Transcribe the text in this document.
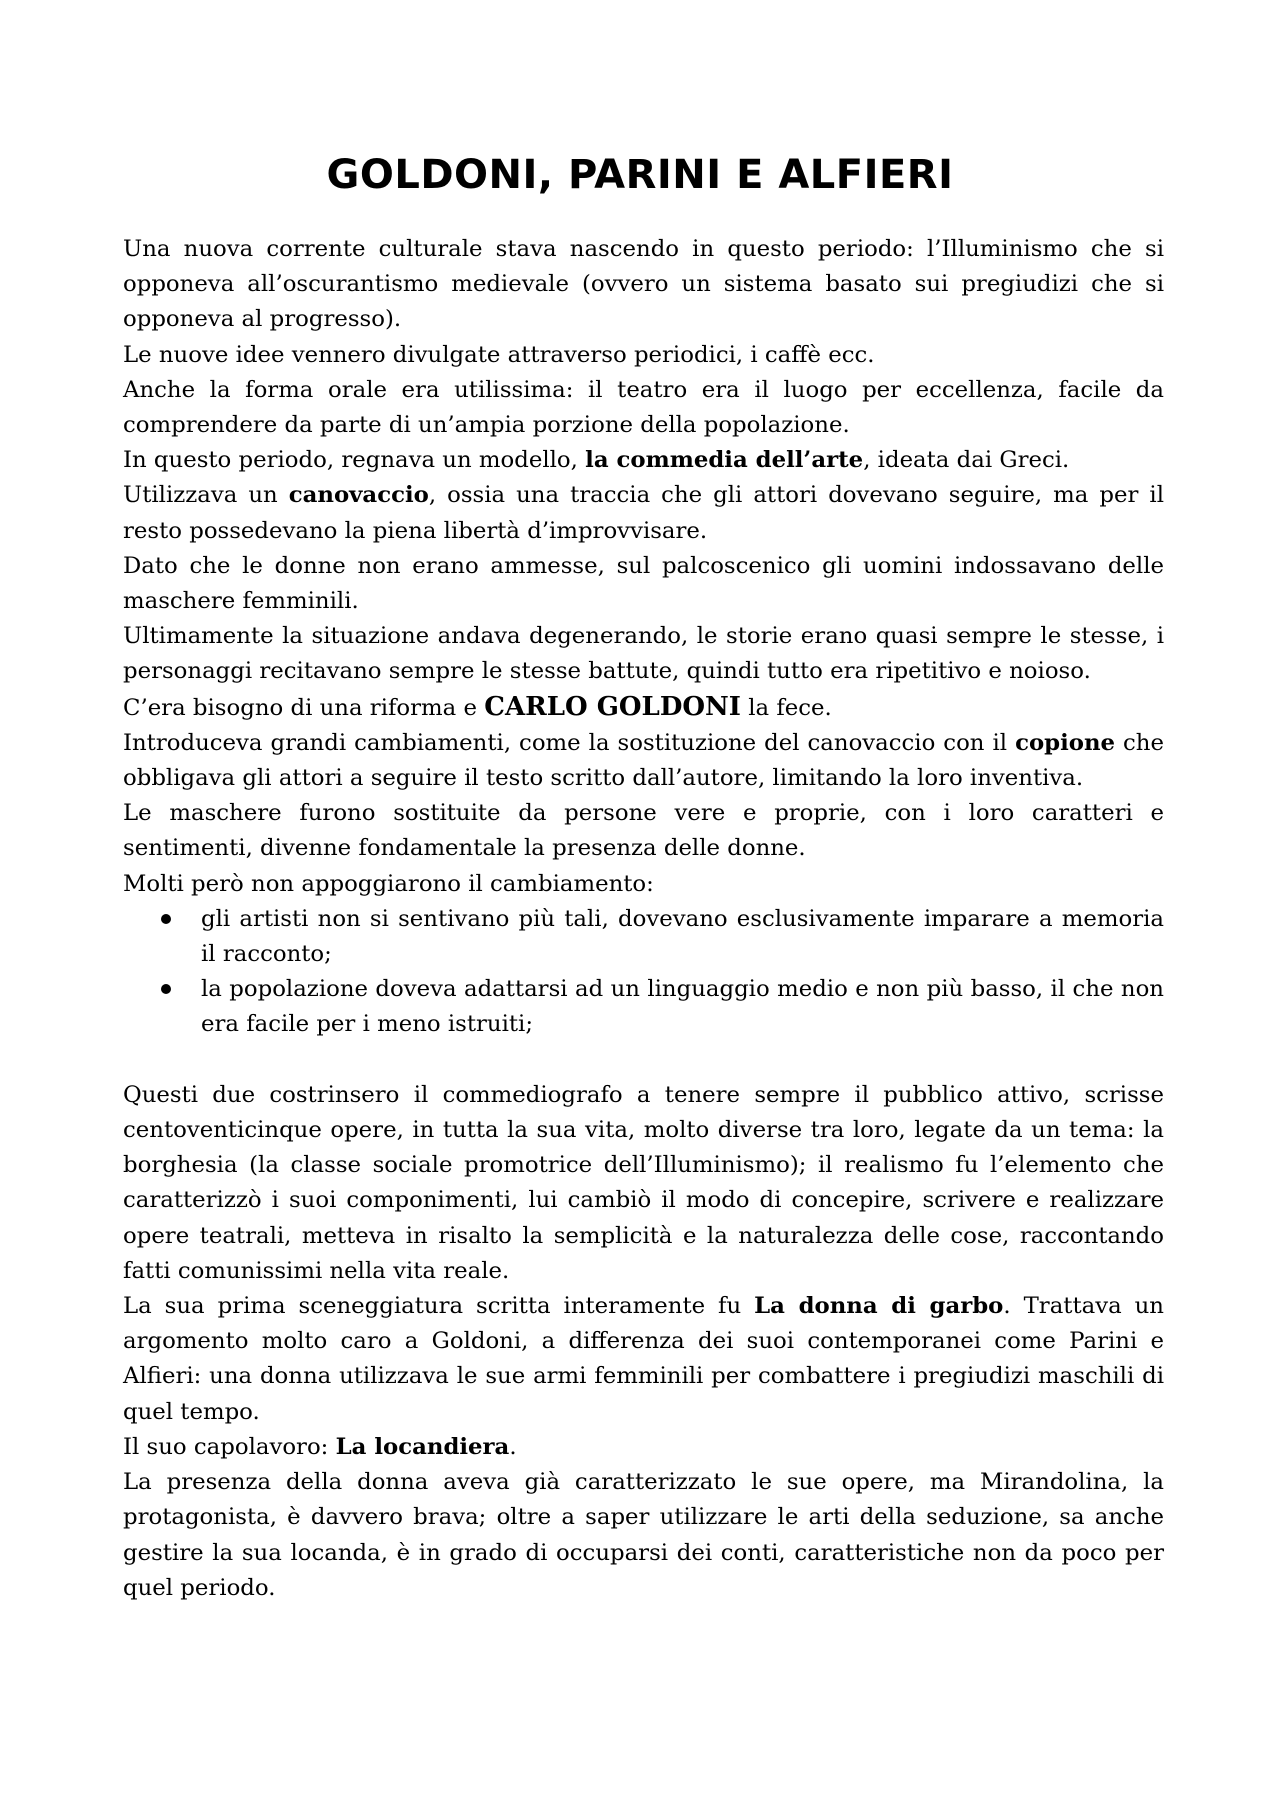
GOLDONI, PARINI E ALFIERI

Una nuova corrente culturale stava nascendo in questo periodo: l’Illuminismo che si opponeva all’oscurantismo medievale (ovvero un sistema basato sui pregiudizi che si opponeva al progresso).

Le nuove idee vennero divulgate attraverso periodici, i caffè ecc.

Anche la forma orale era utilissima: il teatro era il luogo per eccellenza, facile da comprendere da parte di un’ampia porzione della popolazione.

In questo periodo, regnava un modello, la commedia dell’arte, ideata dai Greci.

Utilizzava un canovaccio, ossia una traccia che gli attori dovevano seguire, ma per il resto possedevano la piena libertà d’improvvisare.

Dato che le donne non erano ammesse, sul palcoscenico gli uomini indossavano delle maschere femminili.

Ultimamente la situazione andava degenerando, le storie erano quasi sempre le stesse, i personaggi recitavano sempre le stesse battute, quindi tutto era ripetitivo e noioso.

C’era bisogno di una riforma e CARLO GOLDONI la fece.

Introduceva grandi cambiamenti, come la sostituzione del canovaccio con il copione che obbligava gli attori a seguire il testo scritto dall’autore, limitando la loro inventiva.

Le maschere furono sostituite da persone vere e proprie, con i loro caratteri e sentimenti, divenne fondamentale la presenza delle donne.

Molti però non appoggiarono il cambiamento:

gli artisti non si sentivano più tali, dovevano esclusivamente imparare a memoria il racconto;
la popolazione doveva adattarsi ad un linguaggio medio e non più basso, il che non era facile per i meno istruiti;

Questi due costrinsero il commediografo a tenere sempre il pubblico attivo, scrisse centoventicinque opere, in tutta la sua vita, molto diverse tra loro, legate da un tema: la borghesia (la classe sociale promotrice dell’Illuminismo); il realismo fu l’elemento che caratterizzò i suoi componimenti, lui cambiò il modo di concepire, scrivere e realizzare opere teatrali, metteva in risalto la semplicità e la naturalezza delle cose, raccontando fatti comunissimi nella vita reale.

La sua prima sceneggiatura scritta interamente fu La donna di garbo. Trattava un argomento molto caro a Goldoni, a differenza dei suoi contemporanei come Parini e Alfieri: una donna utilizzava le sue armi femminili per combattere i pregiudizi maschili di quel tempo.

Il suo capolavoro: La locandiera.

La presenza della donna aveva già caratterizzato le sue opere, ma Mirandolina, la protagonista, è davvero brava; oltre a saper utilizzare le arti della seduzione, sa anche gestire la sua locanda, è in grado di occuparsi dei conti, caratteristiche non da poco per quel periodo.
